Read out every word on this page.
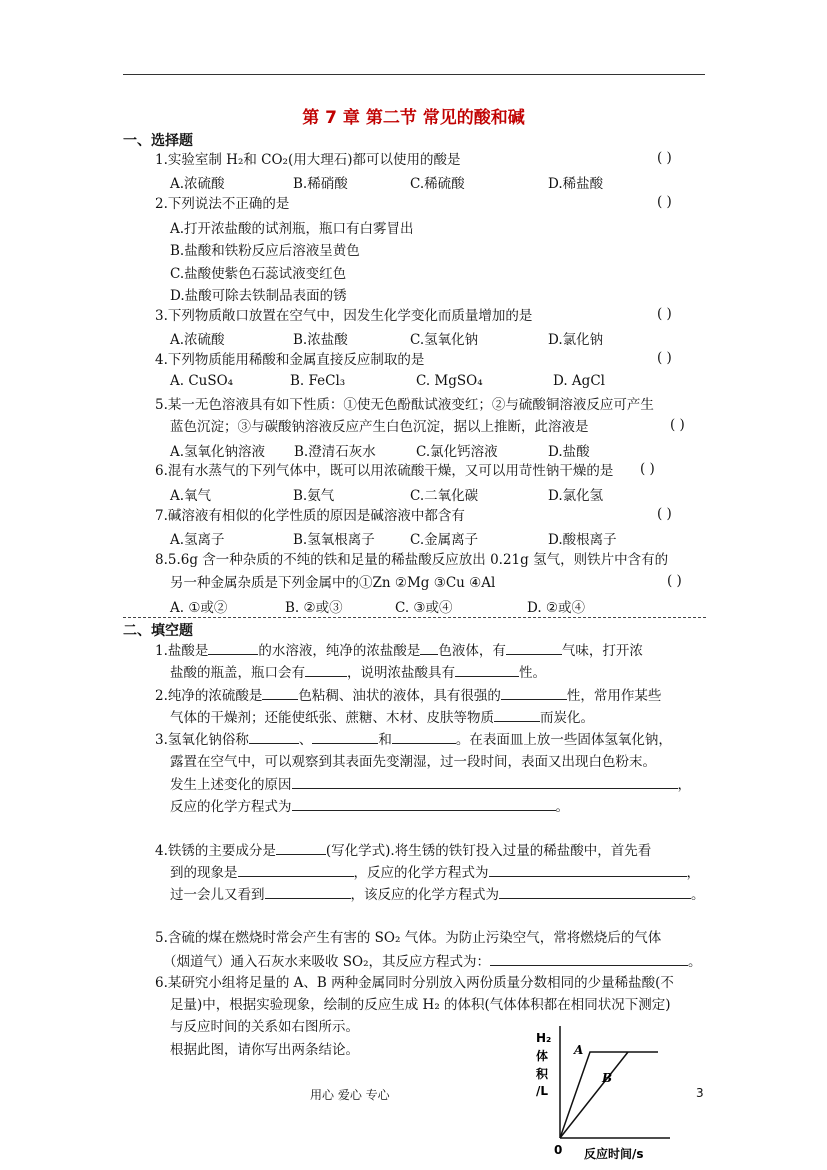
第 7 章 第二节 常见的酸和碱
一、选择题
1.实验室制 H₂和 CO₂(用大理石)都可以使用的酸是	( )
A.浓硫酸	B.稀硝酸	C.稀硫酸	D.稀盐酸
2.下列说法不正确的是	( )
A.打开浓盐酸的试剂瓶，瓶口有白雾冒出
B.盐酸和铁粉反应后溶液呈黄色
C.盐酸使紫色石蕊试液变红色
D.盐酸可除去铁制品表面的锈
3.下列物质敞口放置在空气中，因发生化学变化而质量增加的是	( )
A.浓硫酸	B.浓盐酸	C.氢氧化钠	D.氯化钠
4.下列物质能用稀酸和金属直接反应制取的是	( )
A. CuSO₄	B. FeCl₃	C. MgSO₄	D. AgCl
5.某一无色溶液具有如下性质：①使无色酚酞试液变红；②与硫酸铜溶液反应可产生
蓝色沉淀；③与碳酸钠溶液反应产生白色沉淀，据以上推断，此溶液是	( )
A.氢氧化钠溶液 B.澄清石灰水	C.氯化钙溶液	D.盐酸
6.混有水蒸气的下列气体中，既可以用浓硫酸干燥，又可以用苛性钠干燥的是 ( )
A.氧气	B.氨气	C.二氧化碳	D.氯化氢
7.碱溶液有相似的化学性质的原因是碱溶液中都含有	( )
A.氢离子	B.氢氧根离子	C.金属离子	D.酸根离子
8.5.6g 含一种杂质的不纯的铁和足量的稀盐酸反应放出 0.21g 氢气，则铁片中含有的
另一种金属杂质是下列金属中的①Zn ②Mg ③Cu ④Al	( )
A. ①或②	B. ②或③	C. ③或④	D. ②或④
二、填空题
1.盐酸是	的水溶液，纯净的浓盐酸是 色液体，有	气味，打开浓
盐酸的瓶盖，瓶口会有	，说明浓盐酸具有	性。
2.纯净的浓硫酸是	色粘稠、油状的液体，具有很强的	性，常用作某些
气体的干燥剂；还能使纸张、蔗糖、木材、皮肤等物质	而炭化。
3.氢氧化钠俗称	、	和	。在表面皿上放一些固体氢氧化钠，
露置在空气中，可以观察到其表面先变潮湿，过一段时间，表面又出现白色粉末。
发生上述变化的原因	，
反应的化学方程式为	。
4.铁锈的主要成分是	(写化学式).将生锈的铁钉投入过量的稀盐酸中，首先看
到的现象是	，反应的化学方程式为	，
过一会儿又看到	，该反应的化学方程式为	。
5.含硫的煤在燃烧时常会产生有害的 SO₂ 气体。为防止污染空气，常将燃烧后的气体
（烟道气）通入石灰水来吸收 SO₂，其反应方程式为：	。
6.某研究小组将足量的 A、B 两种金属同时分别放入两份质量分数相同的少量稀盐酸(不
足量)中，根据实验现象，绘制的反应生成 H₂ 的体积(气体体积都在相同状况下测定)
与反应时间的关系如右图所示。
根据此图，请你写出两条结论。
H₂
体
积
/L
A
B
0 反应时间/s
用心 爱心 专心	3
